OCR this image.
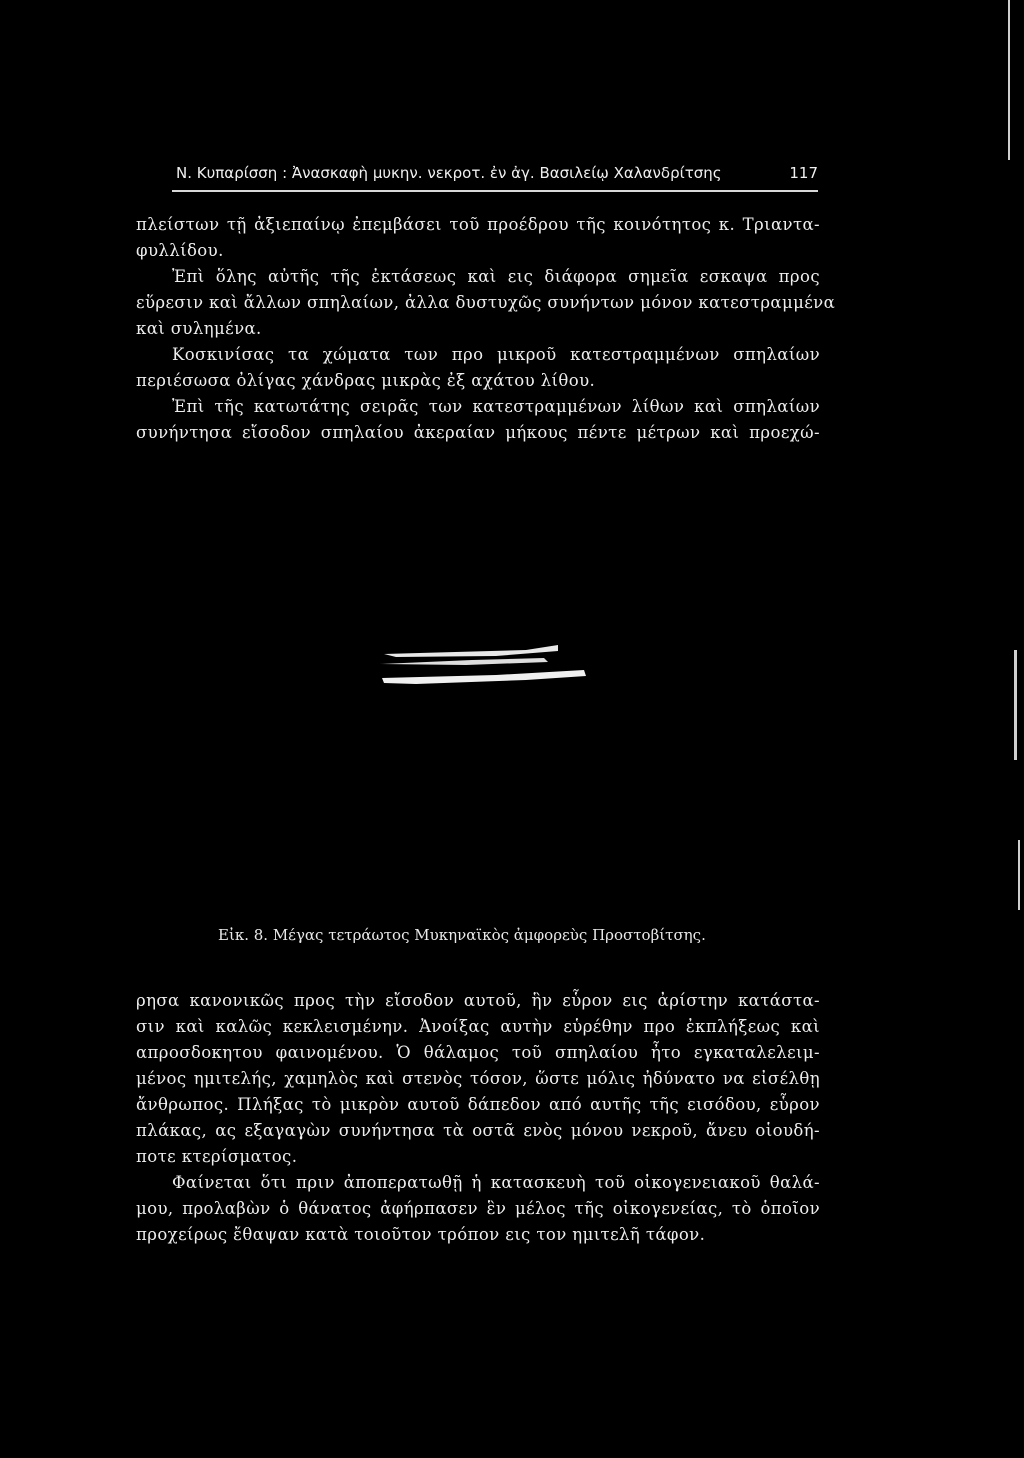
Ν. Κυπαρίσση : Ἀνασκαφὴ μυκην. νεκροτ. ἐν ἀγ. Βασιλείῳ Χαλανδρίτσης	117
πλείστων τῇ ἀξιεπαίνῳ ἐπεμβάσει τοῦ προέδρου τῆς κοινότητος κ. Τριαντα-
φυλλίδου.
Ἐπὶ ὅλης αὐτῆς τῆς ἐκτάσεως καὶ εις διάφορα σημεῖα εσκαψα προς
εὕρεσιν καὶ ἄλλων σπηλαίων, ἀλλα δυστυχῶς συνήντων μόνον κατεστραμμένα
καὶ συλημένα.
Κοσκινίσας τα χώματα των προ μικροῦ κατεστραμμένων σπηλαίων
περιέσωσα ὀλίγας χάνδρας μικρὰς ἐξ αχάτου λίθου.
Ἐπὶ τῆς κατωτάτης σειρᾶς των κατεστραμμένων λίθων καὶ σπηλαίων
συνήντησα εἴσοδον σπηλαίου ἀκεραίαν μήκους πέντε μέτρων καὶ προεχώ-
Εἰκ. 8. Μέγας τετράωτος Μυκηναϊκὸς ἀμφορεὺς Προστοβίτσης.
ρησα κανονικῶς προς τὴν εἴσοδον αυτοῦ, ἣν εὗρον εις ἀρίστην κατάστα-
σιν καὶ καλῶς κεκλεισμένην. Ἀνοίξας αυτὴν εὑρέθην προ ἐκπλήξεως καὶ
απροσδοκητου φαινομένου. Ὁ θάλαμος τοῦ σπηλαίου ἦτο εγκαταλελειμ-
μένος ημιτελής, χαμηλὸς καὶ στενὸς τόσον, ὥστε μόλις ἠδύνατο να εἰσέλθῃ
ἄνθρωπος. Πλήξας τὸ μικρὸν αυτοῦ δάπεδον από αυτῆς τῆς εισόδου, εὗρον
πλάκας, ας εξαγαγὼν συνήντησα τὰ οστᾶ ενὸς μόνου νεκροῦ, ἄνευ οἱουδή-
ποτε κτερίσματος.
Φαίνεται ὅτι πριν ἀποπερατωθῇ ἡ κατασκευὴ τοῦ οἰκογενειακοῦ θαλά-
μου, προλαβὼν ὁ θάνατος ἀφήρπασεν ἓν μέλος τῆς οἰκογενείας, τὸ ὁποῖον
προχείρως ἔθαψαν κατὰ τοιοῦτον τρόπον εις τον ημιτελῆ τάφον.
